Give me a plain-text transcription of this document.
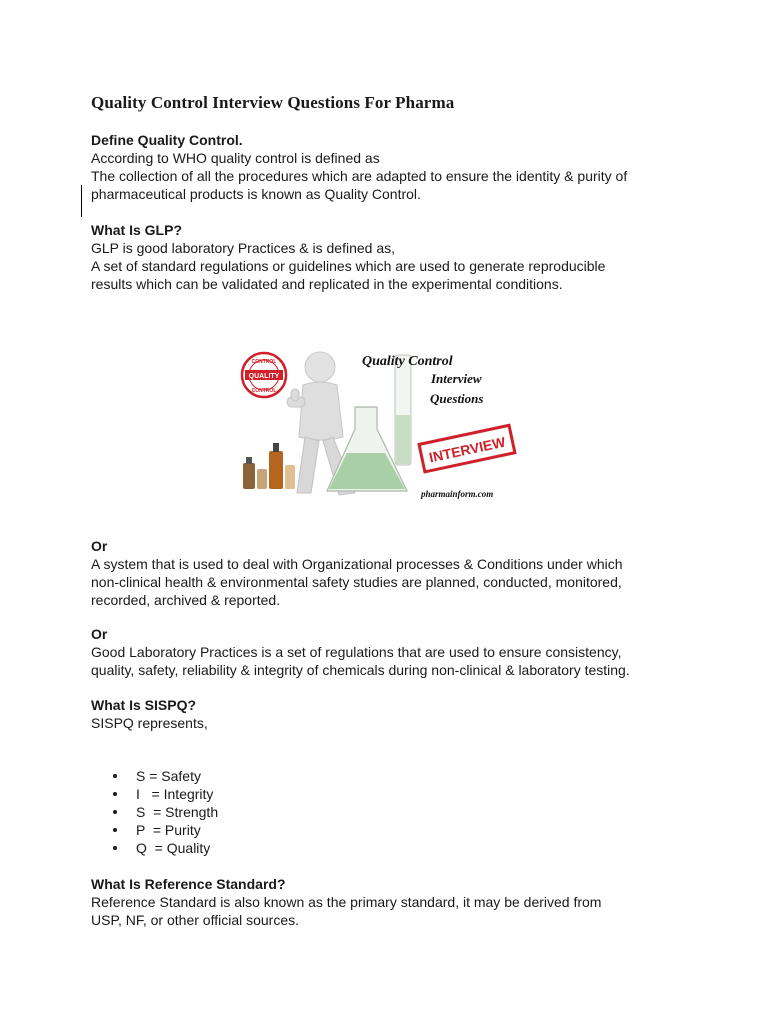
Quality Control Interview Questions For Pharma

Define Quality Control.

According to WHO quality control is defined as

The collection of all the procedures which are adapted to ensure the identity & purity of

pharmaceutical products is known as Quality Control.

What Is GLP?

GLP is good laboratory Practices & is defined as,

A set of standard regulations or guidelines which are used to generate reproducible

results which can be validated and replicated in the experimental conditions.

QUALITY
CONTROL
CONTROL
Quality Control
Interview
Questions
INTERVIEW
pharmainform.com

Or

A system that is used to deal with Organizational processes & Conditions under which

non-clinical health & environmental safety studies are planned, conducted, monitored,

recorded, archived & reported.

Or

Good Laboratory Practices is a set of regulations that are used to ensure consistency,

quality, safety, reliability & integrity of chemicals during non-clinical & laboratory testing.

What Is SISPQ?

SISPQ represents,

S = Safety
I   = Integrity
S  = Strength
P  = Purity
Q  = Quality

What Is Reference Standard?

Reference Standard is also known as the primary standard, it may be derived from

USP, NF, or other official sources.
